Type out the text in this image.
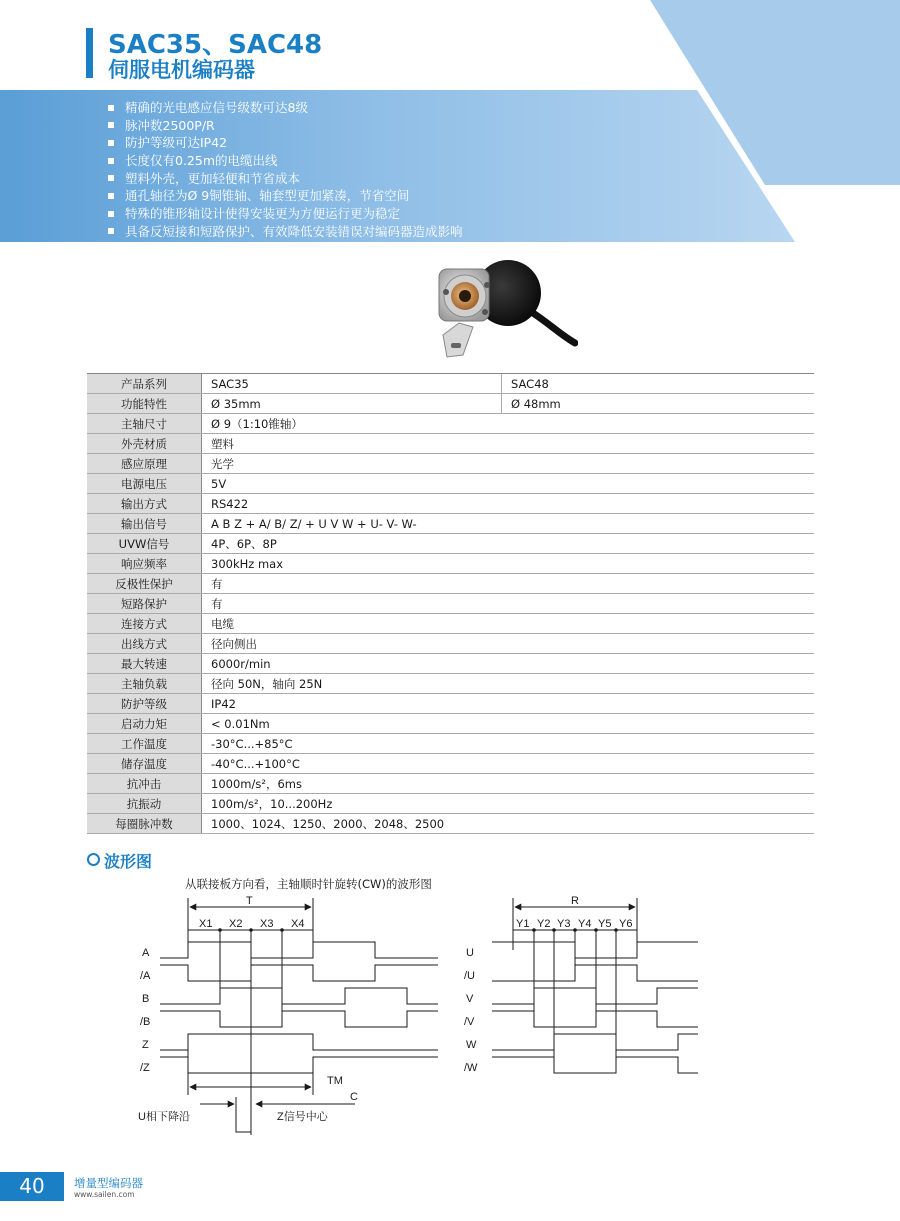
SAC35、SAC48
伺服电机编码器
精确的光电感应信号级数可达8级
脉冲数2500P/R
防护等级可达IP42
长度仅有0.25m的电缆出线
塑料外壳，更加轻便和节省成本
通孔轴径为Ø 9铜锥轴、轴套型更加紧凑，节省空间
特殊的锥形轴设计使得安装更为方便运行更为稳定
具备反短接和短路保护、有效降低安装错误对编码器造成影响
产品系列	SAC35	SAC48
功能特性	Ø 35mm	Ø 48mm
主轴尺寸	Ø 9（1:10锥轴）	
外壳材质	塑料	
感应原理	光学	
电源电压	5V	
输出方式	RS422	
输出信号	A B Z + A/ B/ Z/ + U V W + U- V- W-	
UVW信号	4P、6P、8P	
响应频率	300kHz max	
反极性保护	有	
短路保护	有	
连接方式	电缆	
出线方式	径向侧出	
最大转速	6000r/min	
主轴负载	径向 50N，轴向 25N	
防护等级	IP42	
启动力矩	< 0.01Nm	
工作温度	-30°C...+85°C	
储存温度	-40°C...+100°C	
抗冲击	1000m/s²，6ms	
抗振动	100m/s²，10...200Hz	
每圈脉冲数	1000、1024、1250、2000、2048、2500	
波形图
从联接板方向看，主轴顺时针旋转(CW)的波形图
T
X1 X2 X3 X4
A
/A
B
/B
Z
/Z
TM
C
U相下降沿	Z信号中心
R
Y1 Y2 Y3 Y4 Y5 Y6
U
/U
V
/V
W
/W
40	增量型编码器
www.sailen.com
